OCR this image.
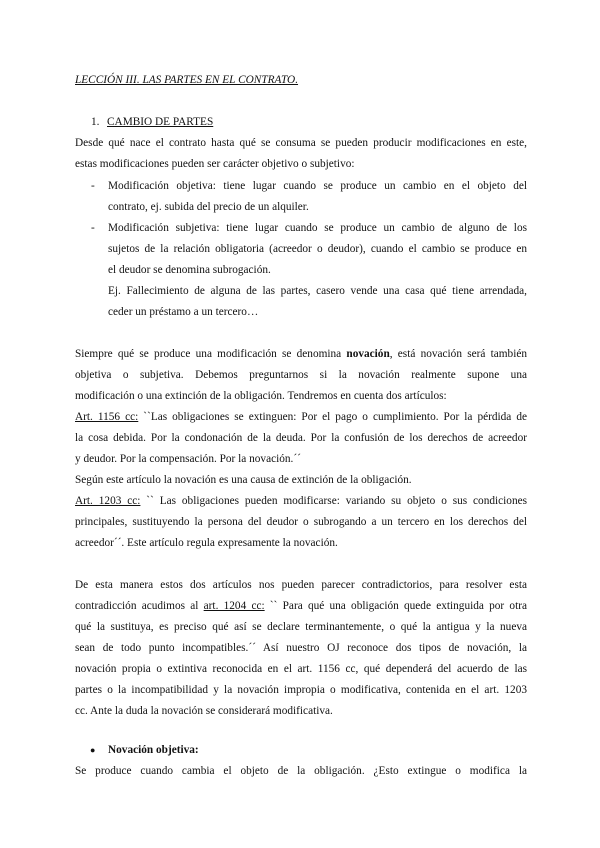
LECCIÓN III. LAS PARTES EN EL CONTRATO.

1. CAMBIO DE PARTES

Desde qué nace el contrato hasta qué se consuma se pueden producir modificaciones en este,

estas modificaciones pueden ser carácter objetivo o subjetivo:

- Modificación objetiva: tiene lugar cuando se produce un cambio en el objeto del

contrato, ej. subida del precio de un alquiler.

- Modificación subjetiva: tiene lugar cuando se produce un cambio de alguno de los

sujetos de la relación obligatoria (acreedor o deudor), cuando el cambio se produce en

el deudor se denomina subrogación.

Ej. Fallecimiento de alguna de las partes, casero vende una casa qué tiene arrendada,

ceder un préstamo a un tercero…

Siempre qué se produce una modificación se denomina novación, está novación será también

objetiva o subjetiva. Debemos preguntarnos si la novación realmente supone una

modificación o una extinción de la obligación. Tendremos en cuenta dos artículos:

Art. 1156 cc: ``Las obligaciones se extinguen: Por el pago o cumplimiento. Por la pérdida de

la cosa debida. Por la condonación de la deuda. Por la confusión de los derechos de acreedor

y deudor. Por la compensación. Por la novación.´´

Según este artículo la novación es una causa de extinción de la obligación.

Art. 1203 cc: `` Las obligaciones pueden modificarse: variando su objeto o sus condiciones

principales, sustituyendo la persona del deudor o subrogando a un tercero en los derechos del

acreedor´´. Este artículo regula expresamente la novación.

De esta manera estos dos artículos nos pueden parecer contradictorios, para resolver esta

contradicción acudimos al art. 1204 cc: `` Para qué una obligación quede extinguida por otra

qué la sustituya, es preciso qué así se declare terminantemente, o qué la antigua y la nueva

sean de todo punto incompatibles.´´ Así nuestro OJ reconoce dos tipos de novación, la

novación propia o extintiva reconocida en el art. 1156 cc, qué dependerá del acuerdo de las

partes o la incompatibilidad y la novación impropia o modificativa, contenida en el art. 1203

cc. Ante la duda la novación se considerará modificativa.

● Novación objetiva:

Se produce cuando cambia el objeto de la obligación. ¿Esto extingue o modifica la
